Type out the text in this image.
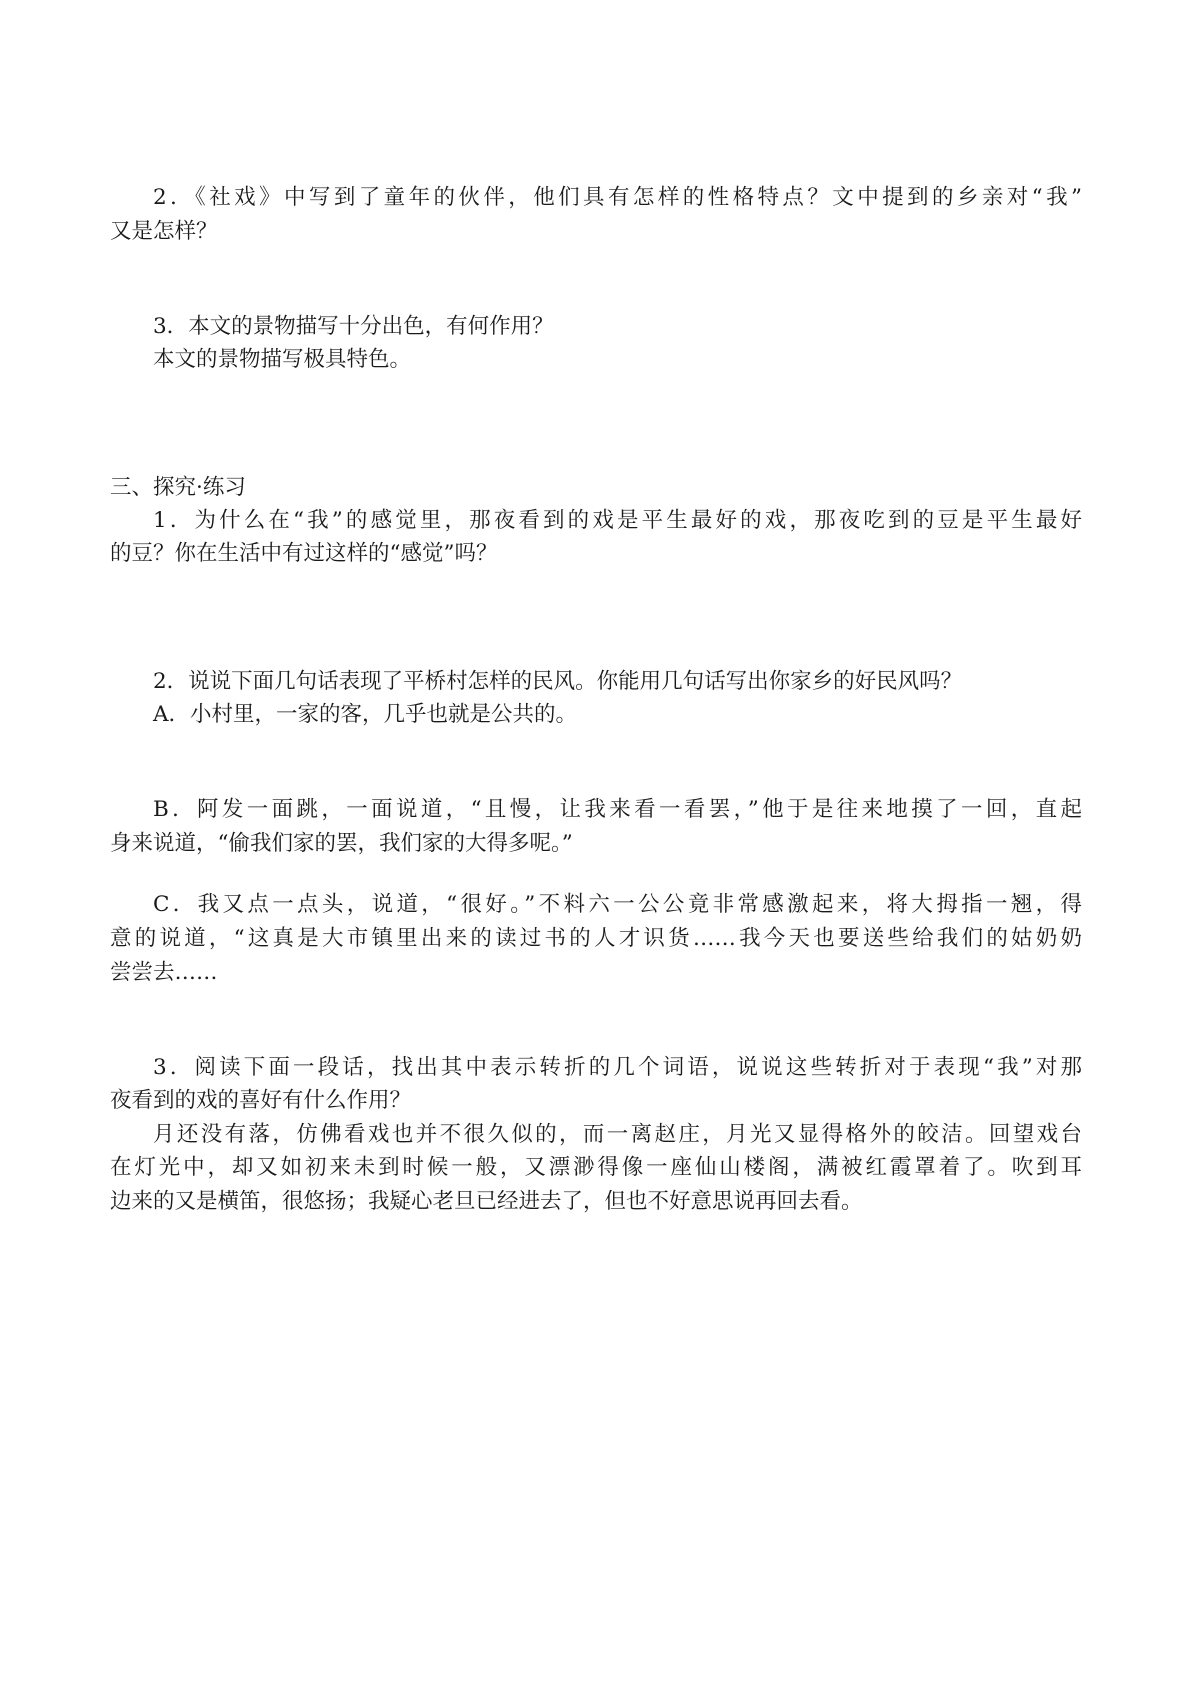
2．《社戏》中写到了童年的伙伴，他们具有怎样的性格特点？文中提到的乡亲对“我”
又是怎样？
3．本文的景物描写十分出色，有何作用？
本文的景物描写极具特色。
三、探究·练习
1．为什么在“我”的感觉里，那夜看到的戏是平生最好的戏，那夜吃到的豆是平生最好
的豆？你在生活中有过这样的“感觉”吗？
2．说说下面几句话表现了平桥村怎样的民风。你能用几句话写出你家乡的好民风吗？
A．小村里，一家的客，几乎也就是公共的。
B．阿发一面跳，一面说道，“且慢，让我来看一看罢，”他于是往来地摸了一回，直起
身来说道，“偷我们家的罢，我们家的大得多呢。”
C．我又点一点头，说道，“很好。”不料六一公公竟非常感激起来，将大拇指一翘，得
意的说道，“这真是大市镇里出来的读过书的人才识货……我今天也要送些给我们的姑奶奶
尝尝去……
3．阅读下面一段话，找出其中表示转折的几个词语，说说这些转折对于表现“我”对那
夜看到的戏的喜好有什么作用？
月还没有落，仿佛看戏也并不很久似的，而一离赵庄，月光又显得格外的皎洁。回望戏台
在灯光中，却又如初来未到时候一般，又漂渺得像一座仙山楼阁，满被红霞罩着了。吹到耳
边来的又是横笛，很悠扬；我疑心老旦已经进去了，但也不好意思说再回去看。
